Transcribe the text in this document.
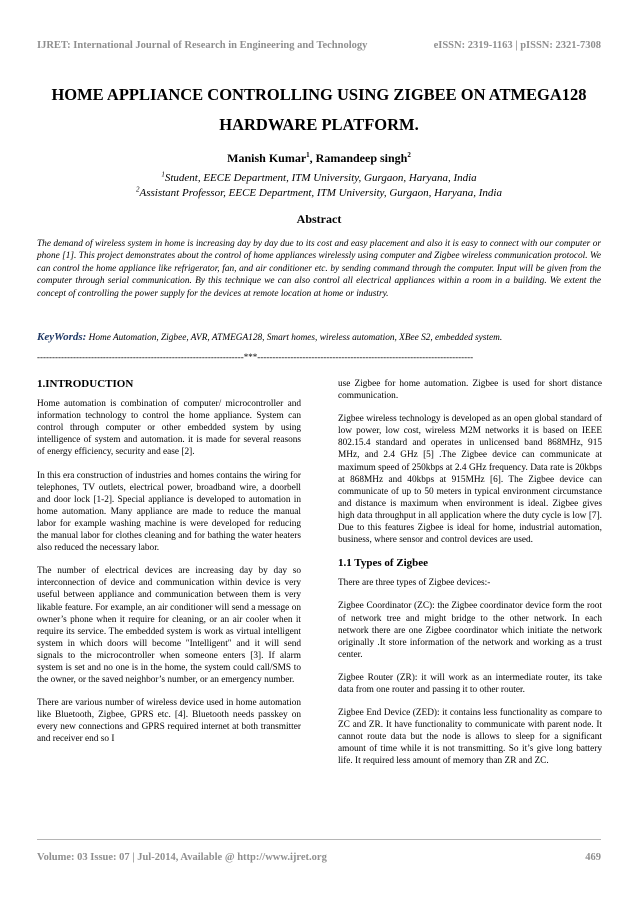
IJRET: International Journal of Research in Engineering and Technology	eISSN: 2319-1163 | pISSN: 2321-7308
HOME APPLIANCE CONTROLLING USING ZIGBEE ON ATMEGA128
HARDWARE PLATFORM.
Manish Kumar$^1$, Ramandeep singh$^2$
$^1$Student, EECE Department, ITM University, Gurgaon, Haryana, India
$^2$Assistant Professor, EECE Department, ITM University, Gurgaon, Haryana, India
Abstract
The demand of wireless system in home is increasing day by day due to its cost and easy placement and also it is easy to connect with our computer or phone [1]. This project demonstrates about the control of home appliances wirelessly using computer and Zigbee wireless communication protocol. We can control the home appliance like refrigerator, fan, and air conditioner etc. by sending command through the computer. Input will be given from the computer through serial communication. By this technique we can also control all electrical appliances within a room in a building. We extent the concept of controlling the power supply for the devices at remote location at home or industry.
KeyWords: Home Automation, Zigbee, AVR, ATMEGA128, Smart homes, wireless automation, XBee S2, embedded system.
---------------------------------------------------------------------***------------------------------------------------------------------------
1.INTRODUCTION

Home automation is combination of computer/ microcontroller and information technology to control the home appliance. System can control through computer or other embedded system by using intelligence of system and automation. it is made for several reasons of energy efficiency, security and ease [2].

In this era construction of industries and homes contains the wiring for telephones, TV outlets, electrical power, broadband wire, a doorbell and door lock [1-2]. Special appliance is developed to automation in home automation. Many appliance are made to reduce the manual labor for example washing machine is were developed for reducing the manual labor for clothes cleaning and for bathing the water heaters also reduced the necessary labor.

The number of electrical devices are increasing day by day so interconnection of device and communication within device is very useful between appliance and communication between them is very likable feature. For example, an air conditioner will send a message on owner’s phone when it require for cleaning, or an air cooler when it require its service. The embedded system is work as virtual intelligent system in which doors will become "Intelligent" and it will send signals to the microcontroller when someone enters [3]. If alarm system is set and no one is in the home, the system could call/SMS to the owner, or the saved neighbor’s number, or an emergency number.

There are various number of wireless device used in home automation like Bluetooth, Zigbee, GPRS etc. [4]. Bluetooth needs passkey on every new connections and GPRS required internet at both transmitter and receiver end so I

use Zigbee for home automation. Zigbee is used for short distance communication.

Zigbee wireless technology is developed as an open global standard of low power, low cost, wireless M2M networks it is based on IEEE 802.15.4 standard and operates in unlicensed band 868MHz, 915 MHz, and 2.4 GHz [5] .The Zigbee device can communicate at maximum speed of 250kbps at 2.4 GHz frequency. Data rate is 20kbps at 868MHz and 40kbps at 915MHz [6]. The Zigbee device can communicate of up to 50 meters in typical environment circumstance and distance is maximum when environment is ideal. Zigbee gives high data throughput in all application where the duty cycle is low [7]. Due to this features Zigbee is ideal for home, industrial automation, business, where sensor and control devices are used.

1.1 Types of Zigbee

There are three types of Zigbee devices:-

Zigbee Coordinator (ZC): the Zigbee coordinator device form the root of network tree and might bridge to the other network. In each network there are one Zigbee coordinator which initiate the network originally .It store information of the network and working as a trust center.

Zigbee Router (ZR): it will work as an intermediate router, its take data from one router and passing it to other router.

Zigbee End Device (ZED): it contains less functionality as compare to ZC and ZR. It have functionality to communicate with parent node. It cannot route data but the node is allows to sleep for a significant amount of time while it is not transmitting. So it’s give long battery life. It required less amount of memory than ZR and ZC.

Volume: 03 Issue: 07 | Jul-2014, Available @ http://www.ijret.org	469
